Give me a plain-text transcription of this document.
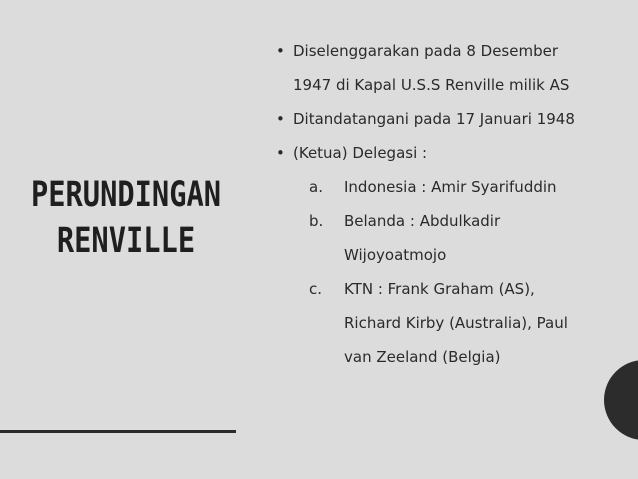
PERUNDINGAN
RENVILLE
• Diselenggarakan pada 8 Desember 1947 di Kapal U.S.S Renville milik AS
• Ditandatangani pada 17 Januari 1948
• (Ketua) Delegasi :
a. Indonesia : Amir Syarifuddin
b. Belanda : Abdulkadir Wijoyoatmojo
c. KTN : Frank Graham (AS), Richard Kirby (Australia), Paul van Zeeland (Belgia)
